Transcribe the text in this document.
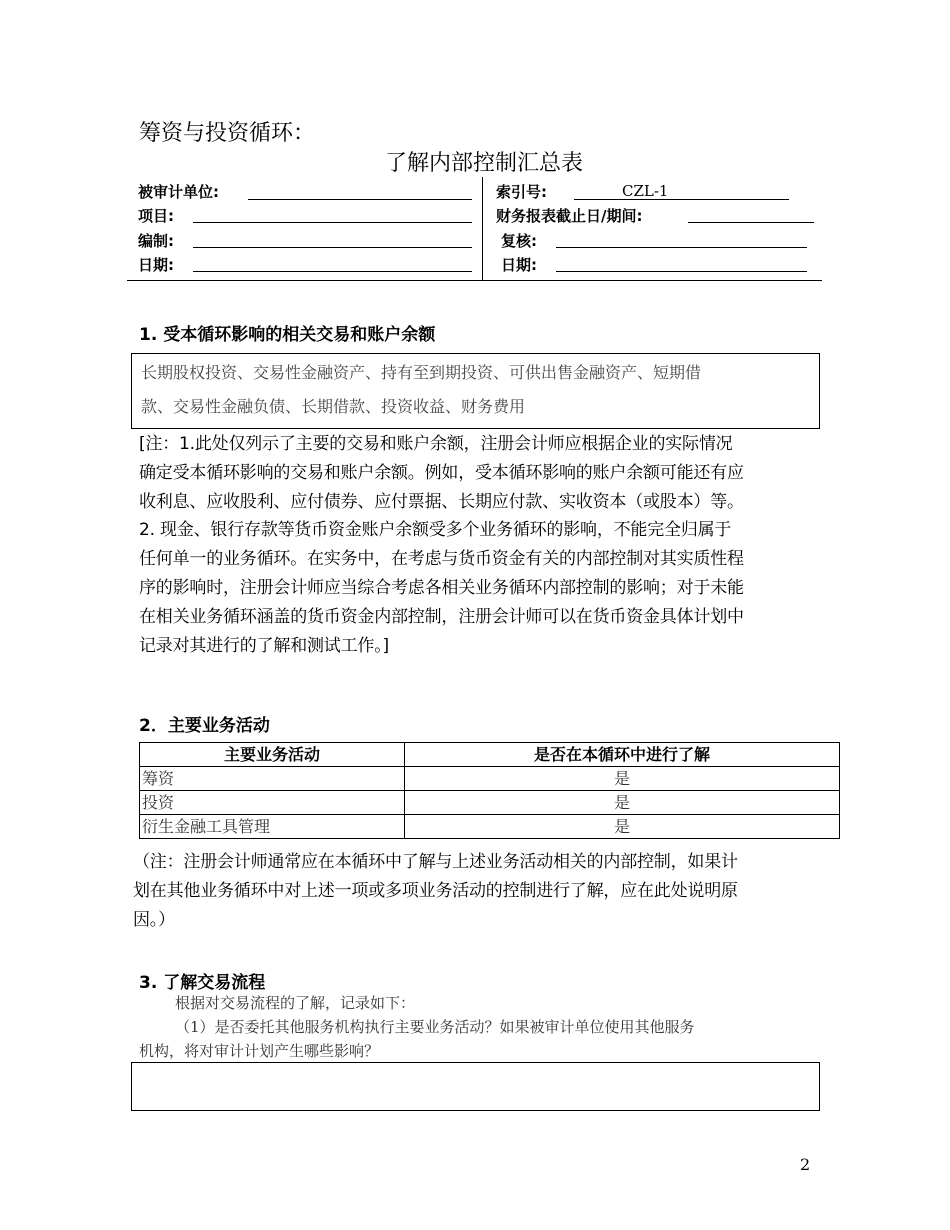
筹资与投资循环：
了解内部控制汇总表
被审计单位:	索引号:	CZL-1
项目:	财务报表截止日/期间:
编制:	复核:
日期:	日期:
1. 受本循环影响的相关交易和账户余额
长期股权投资、交易性金融资产、持有至到期投资、可供出售金融资产、短期借
款、交易性金融负债、长期借款、投资收益、财务费用
[注：1.此处仅列示了主要的交易和账户余额，注册会计师应根据企业的实际情况
确定受本循环影响的交易和账户余额。例如，受本循环影响的账户余额可能还有应
收利息、应收股利、应付债券、应付票据、长期应付款、实收资本（或股本）等。
2. 现金、银行存款等货币资金账户余额受多个业务循环的影响，不能完全归属于
任何单一的业务循环。在实务中，在考虑与货币资金有关的内部控制对其实质性程
序的影响时，注册会计师应当综合考虑各相关业务循环内部控制的影响；对于未能
在相关业务循环涵盖的货币资金内部控制，注册会计师可以在货币资金具体计划中
记录对其进行的了解和测试工作。]
2．主要业务活动
主要业务活动	是否在本循环中进行了解
筹资	是
投资	是
衍生金融工具管理	是
（注：注册会计师通常应在本循环中了解与上述业务活动相关的内部控制，如果计
划在其他业务循环中对上述一项或多项业务活动的控制进行了解，应在此处说明原
因。）
3. 了解交易流程
根据对交易流程的了解，记录如下：
（1）是否委托其他服务机构执行主要业务活动？如果被审计单位使用其他服务
机构，将对审计计划产生哪些影响？
2
